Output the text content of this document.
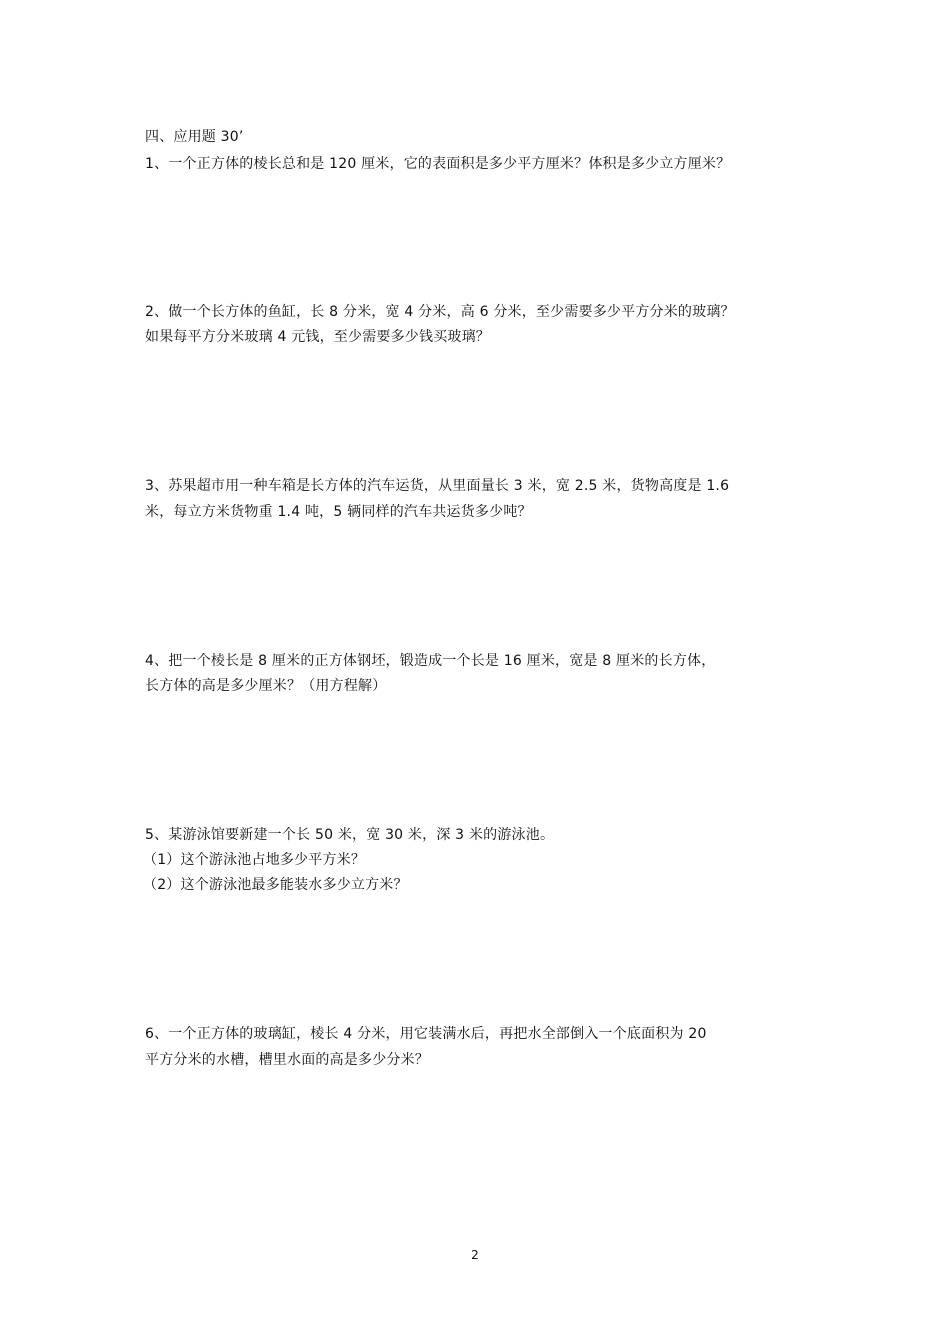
四、应用题 30’
1、一个正方体的棱长总和是 120 厘米，它的表面积是多少平方厘米？体积是多少立方厘米？
2、做一个长方体的鱼缸，长 8 分米，宽 4 分米，高 6 分米，至少需要多少平方分米的玻璃？
如果每平方分米玻璃 4 元钱，至少需要多少钱买玻璃？
3、苏果超市用一种车箱是长方体的汽车运货，从里面量长 3 米，宽 2.5 米，货物高度是 1.6
米，每立方米货物重 1.4 吨，5 辆同样的汽车共运货多少吨？
4、把一个棱长是 8 厘米的正方体钢坯，锻造成一个长是 16 厘米，宽是 8 厘米的长方体，
长方体的高是多少厘米？（用方程解）
5、某游泳馆要新建一个长 50 米，宽 30 米，深 3 米的游泳池。
（1）这个游泳池占地多少平方米？
（2）这个游泳池最多能装水多少立方米？
6、一个正方体的玻璃缸，棱长 4 分米，用它装满水后，再把水全部倒入一个底面积为 20
平方分米的水槽，槽里水面的高是多少分米？
2
